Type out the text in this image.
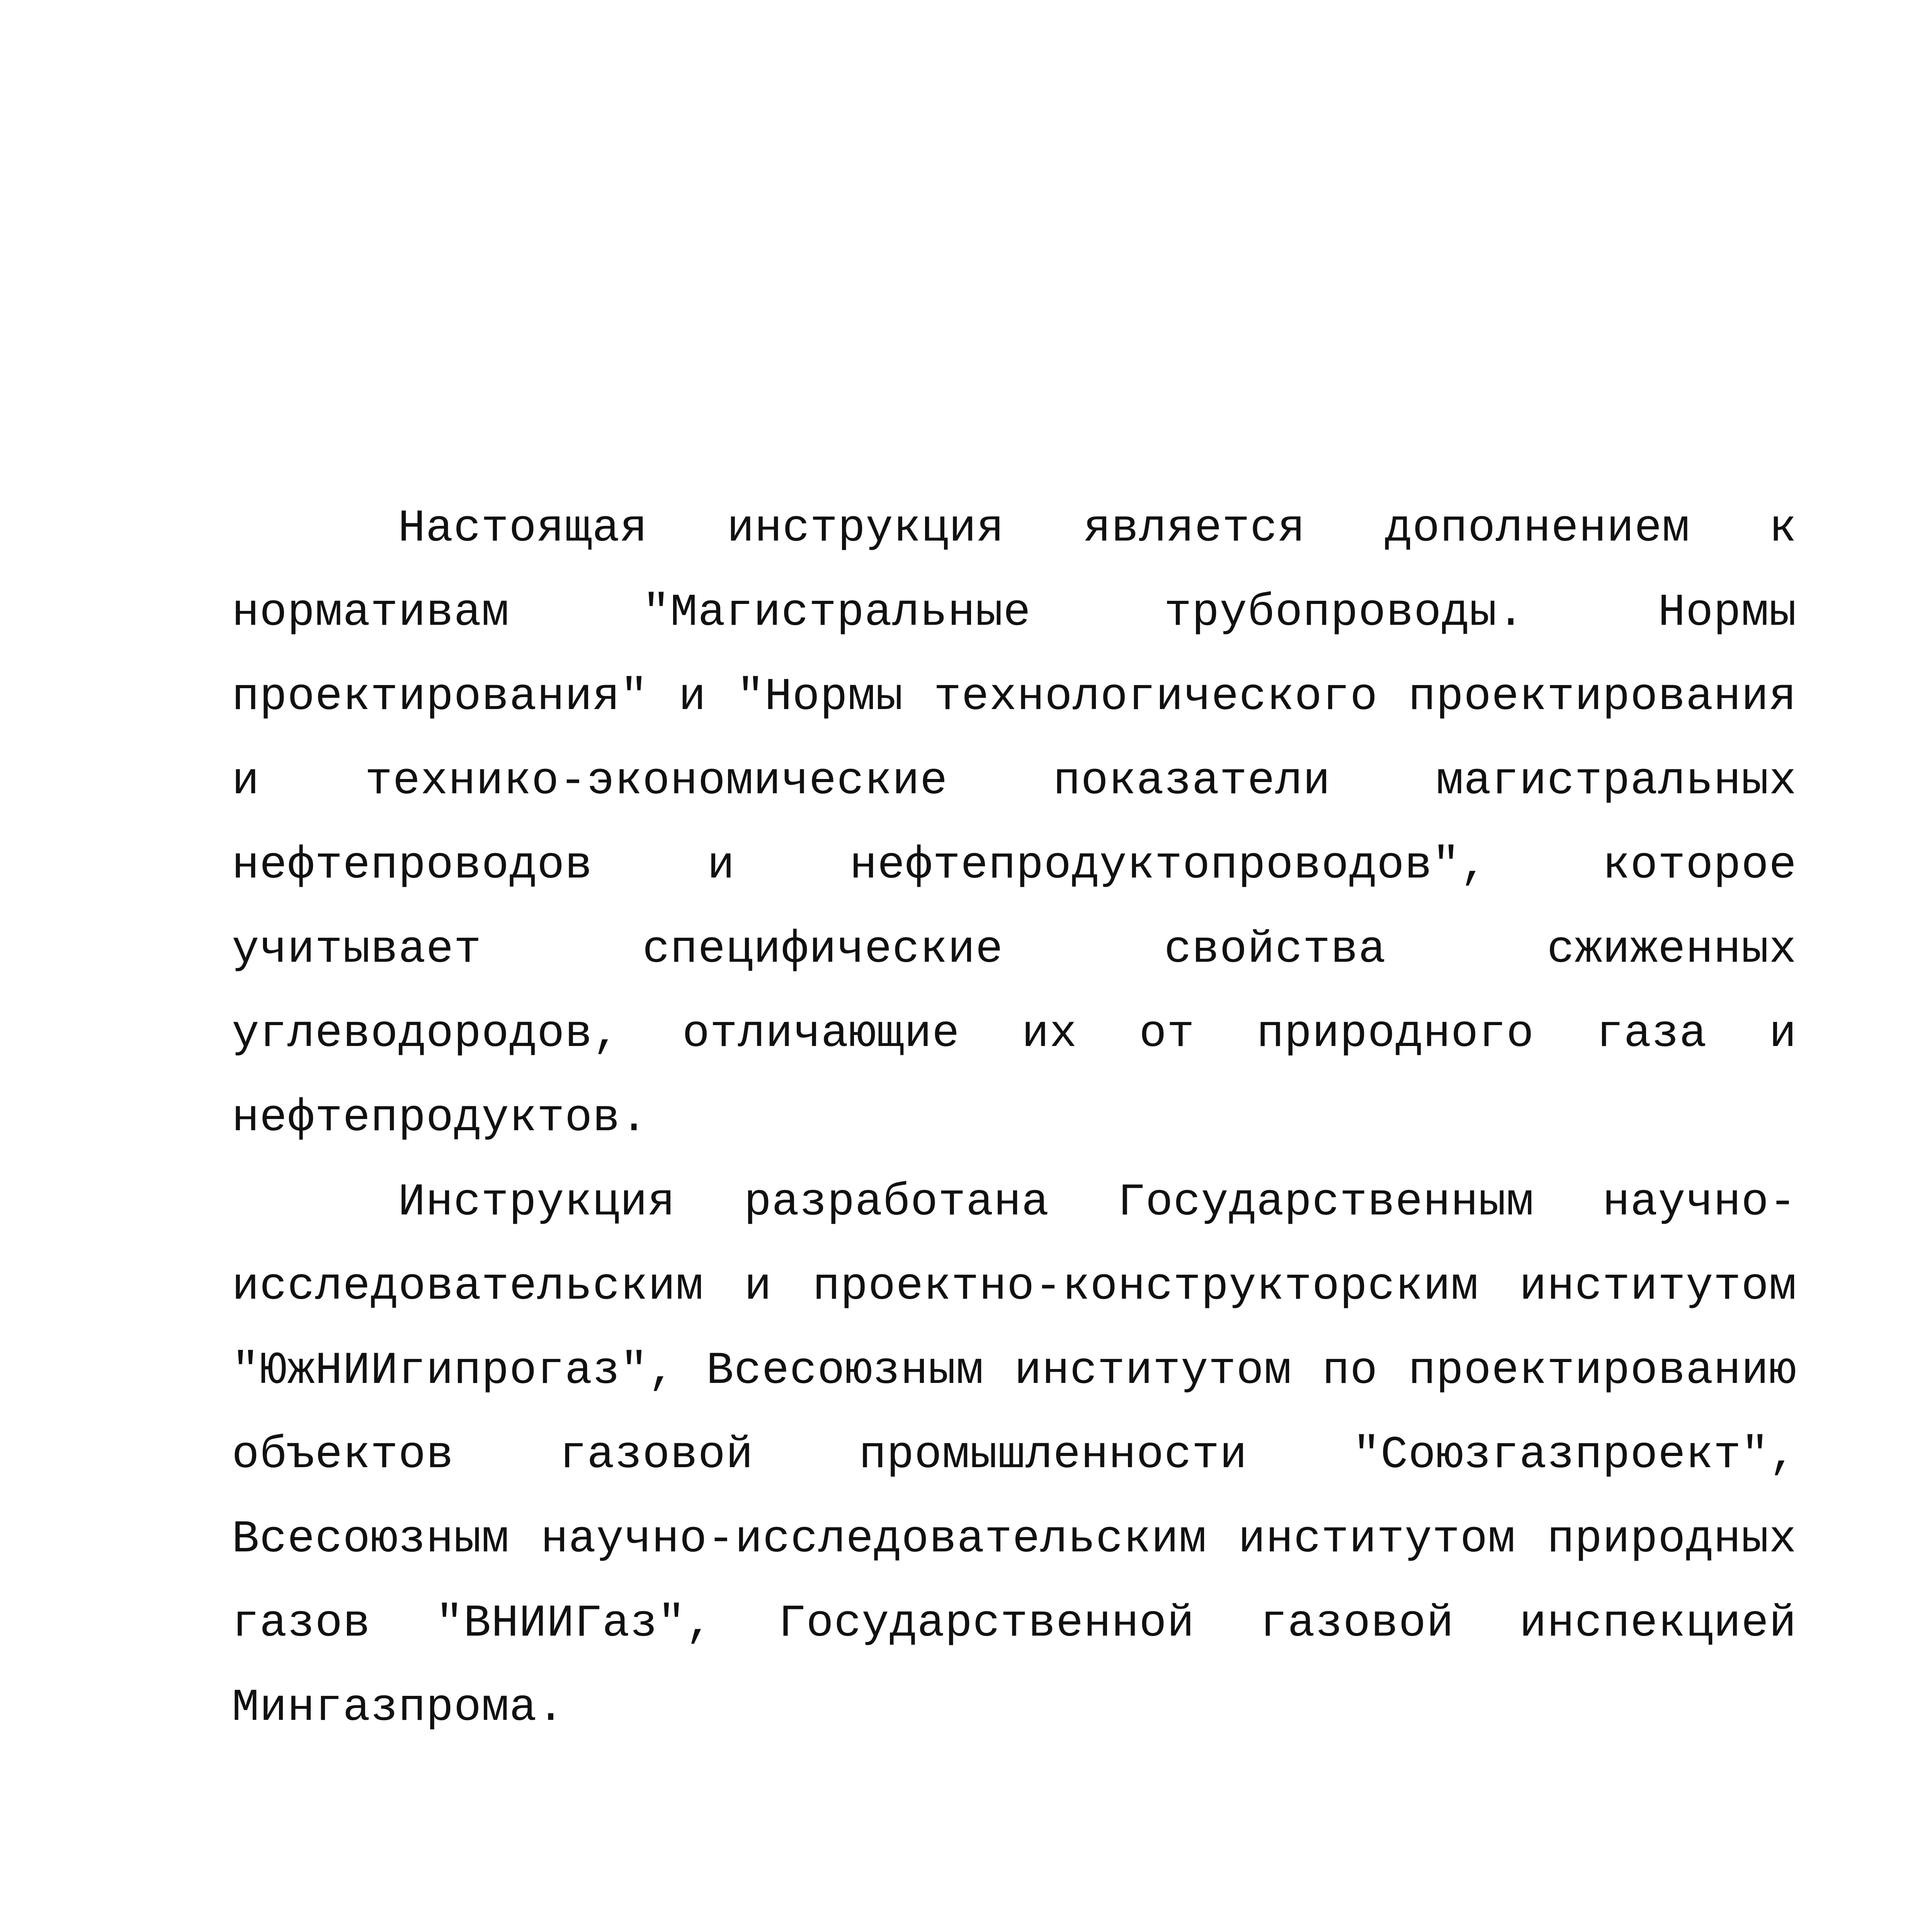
Настоящая инструкция является дополнением к нормативам "Магистральные трубопроводы. Нормы проектирования" и "Нормы технологического проектирования и технико-экономические показатели магистральных нефтепроводов и нефтепродуктопроводов", которое учитывает специфические свойства сжиженных углеводородов, отличающие их от природного газа и нефтепродуктов.

Инструкция разработана Государственным научно-исследовательским и проектно-конструкторским институтом "ЮжНИИгипрогаз", Всесоюзным институтом по проектированию объектов газовой промышленности "Союзгазпроект", Всесоюзным научно-исследовательским институтом природных газов "ВНИИГаз", Государственной газовой инспекцией Мингазпрома.
